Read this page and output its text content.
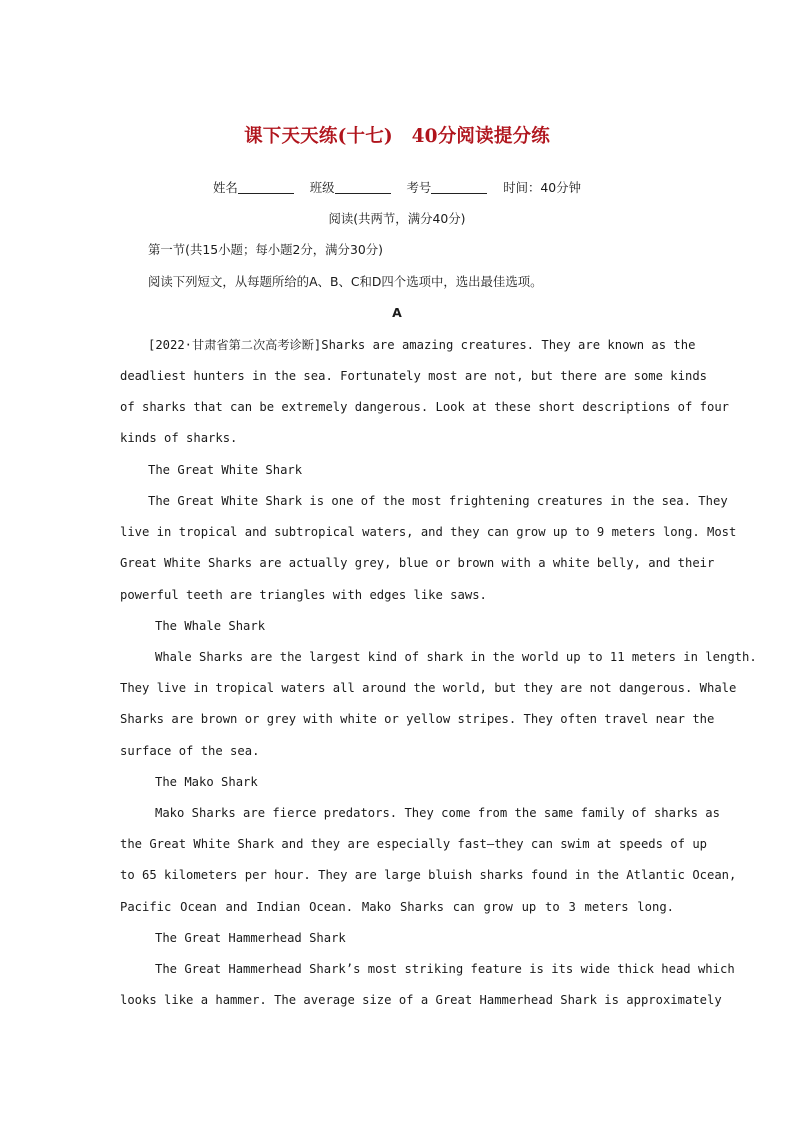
课下天天练(十七)　40分阅读提分练
姓名	班级	考号	时间：40分钟
阅读(共两节，满分40分)
第一节(共15小题；每小题2分，满分30分)
阅读下列短文，从每题所给的A、B、C和D四个选项中，选出最佳选项。
A
[2022·甘肃省第二次高考诊断]Sharks are amazing creatures. They are known as the
deadliest hunters in the sea. Fortunately most are not, but there are some kinds
of sharks that can be extremely dangerous. Look at these short descriptions of four
kinds of sharks.
The Great White Shark
The Great White Shark is one of the most frightening creatures in the sea. They
live in tropical and subtropical waters, and they can grow up to 9 meters long. Most
Great White Sharks are actually grey, blue or brown with a white belly, and their
powerful teeth are triangles with edges like saws.
The Whale Shark
Whale Sharks are the largest kind of shark in the world up to 11 meters in length.
They live in tropical waters all around the world, but they are not dangerous. Whale
Sharks are brown or grey with white or yellow stripes. They often travel near the
surface of the sea.
The Mako Shark
Mako Sharks are fierce predators. They come from the same family of sharks as
the Great White Shark and they are especially fast—they can swim at speeds of up
to 65 kilometers per hour. They are large bluish sharks found in the Atlantic Ocean,
Pacific Ocean and Indian Ocean. Mako Sharks can grow up to 3 meters long.
The Great Hammerhead Shark
The Great Hammerhead Shark’s most striking feature is its wide thick head which
looks like a hammer. The average size of a Great Hammerhead Shark is approximately
